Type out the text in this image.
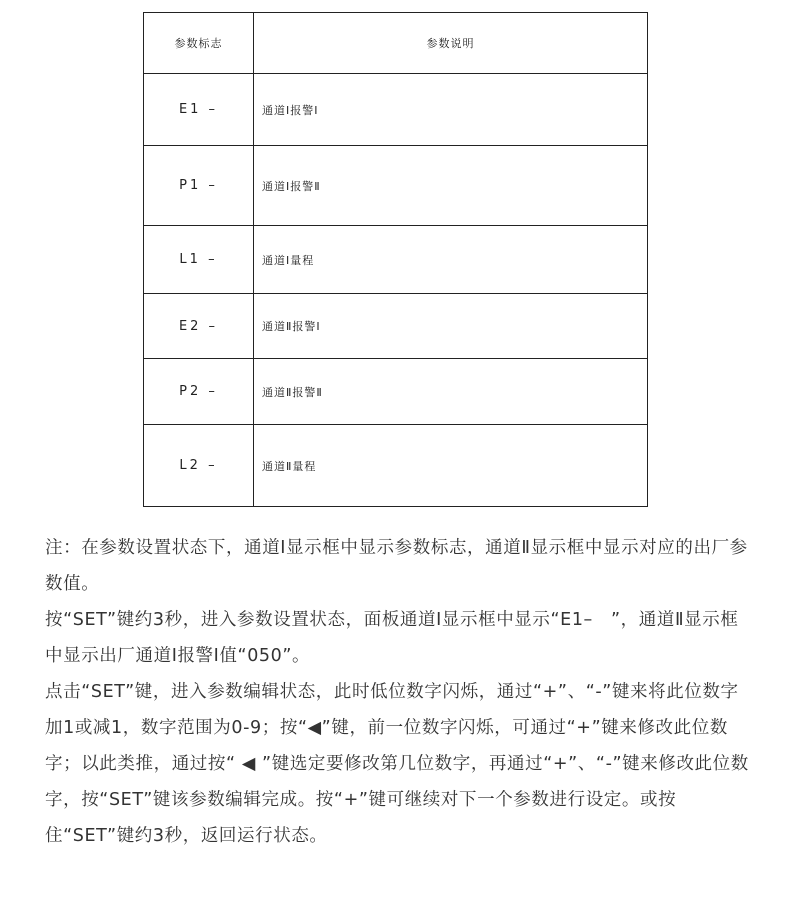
参数标志	参数说明
E1 –	通道Ⅰ报警Ⅰ
P1 –	通道Ⅰ报警Ⅱ
L1 –	通道Ⅰ量程
E2 –	通道Ⅱ报警Ⅰ
P2 –	通道Ⅱ报警Ⅱ
L2 –	通道Ⅱ量程

注：在参数设置状态下，通道Ⅰ显示框中显示参数标志，通道Ⅱ显示框中显示对应的出厂参数值。

按“SET”键约3秒，进入参数设置状态，面板通道Ⅰ显示框中显示“E1–　”，通道Ⅱ显示框中显示出厂通道Ⅰ报警Ⅰ值“050”。

点击“SET”键，进入参数编辑状态，此时低位数字闪烁，通过“+”、“-”键来将此位数字加1或减1，数字范围为0-9；按“◀”键，前一位数字闪烁，可通过“+”键来修改此位数字；以此类推，通过按“ ◀ ”键选定要修改第几位数字，再通过“+”、“-”键来修改此位数字，按“SET”键该参数编辑完成。按“+”键可继续对下一个参数进行设定。或按住“SET”键约3秒，返回运行状态。
